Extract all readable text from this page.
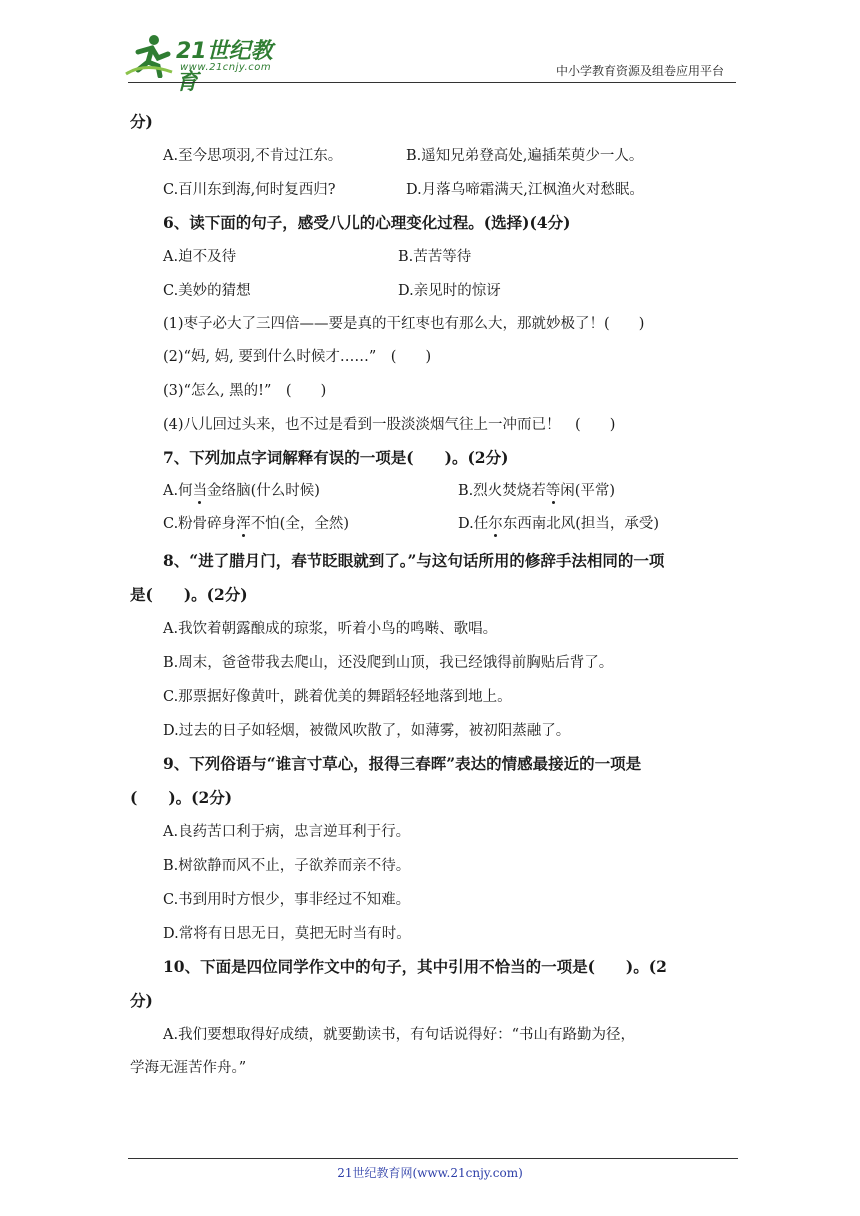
21世纪教育
www.21cnjy.com	中小学教育资源及组卷应用平台
分)
A.至今思项羽,不肯过江东。	B.遥知兄弟登高处,遍插茱萸少一人。
C.百川东到海,何时复西归?	D.月落乌啼霜满天,江枫渔火对愁眠。
6、读下面的句子，感受八儿的心理变化过程。(选择)(4分)
A.迫不及待	B.苦苦等待
C.美妙的猜想	D.亲见时的惊讶
(1)枣子必大了三四倍——要是真的干红枣也有那么大，那就妙极了！(　　)
(2)“妈, 妈, 要到什么时候才……”　(　　)
(3)“怎么, 黑的!”　(　　)
(4)八儿回过头来，也不过是看到一股淡淡烟气往上一冲而已！　(　　)
7、下列加点字词解释有误的一项是(　　)。(2分)
A.何当金络脑(什么时候)	B.烈火焚烧若等闲(平常)
C.粉骨碎身浑不怕(全，全然)	D.任尔东西南北风(担当，承受)
8、“进了腊月门，春节眨眼就到了。”与这句话所用的修辞手法相同的一项
是(　　)。(2分)
A.我饮着朝露酿成的琼浆，听着小鸟的鸣啭、歌唱。
B.周末，爸爸带我去爬山，还没爬到山顶，我已经饿得前胸贴后背了。
C.那票据好像黄叶，跳着优美的舞蹈轻轻地落到地上。
D.过去的日子如轻烟，被微风吹散了，如薄雾，被初阳蒸融了。
9、下列俗语与“谁言寸草心，报得三春晖”表达的情感最接近的一项是
(　　)。(2分)
A.良药苦口利于病，忠言逆耳利于行。
B.树欲静而风不止，子欲养而亲不待。
C.书到用时方恨少，事非经过不知难。
D.常将有日思无日，莫把无时当有时。
10、下面是四位同学作文中的句子，其中引用不恰当的一项是(　　)。(2
分)
A.我们要想取得好成绩，就要勤读书，有句话说得好：“书山有路勤为径，
学海无涯苦作舟。”
21世纪教育网(www.21cnjy.com)
